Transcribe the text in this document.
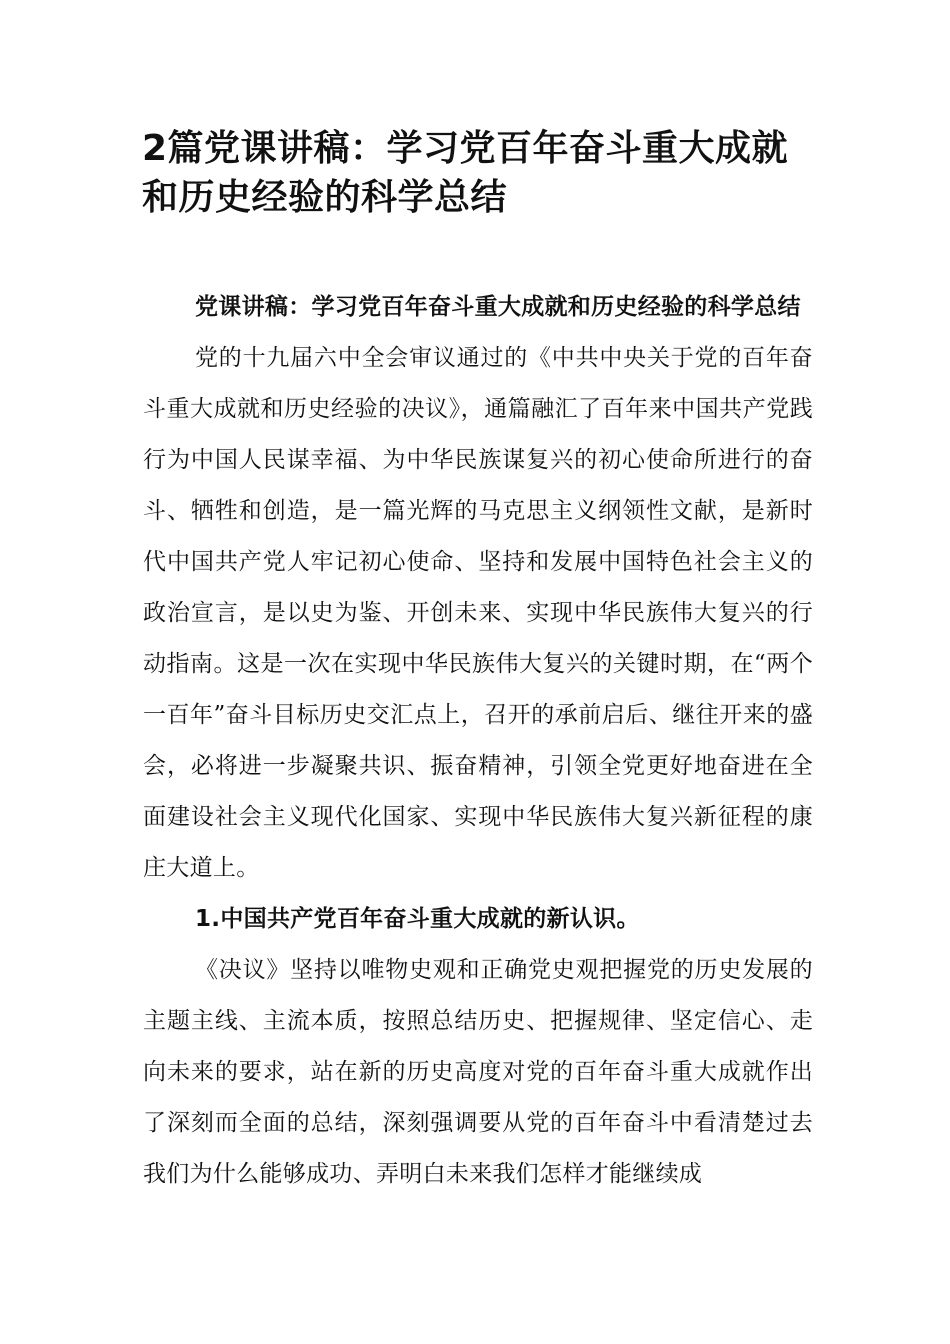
2篇党课讲稿：学习党百年奋斗重大成就和历史经验的科学总结

党课讲稿：学习党百年奋斗重大成就和历史经验的科学总结

党的十九届六中全会审议通过的《中共中央关于党的百年奋斗重大成就和历史经验的决议》，通篇融汇了百年来中国共产党践行为中国人民谋幸福、为中华民族谋复兴的初心使命所进行的奋斗、牺牲和创造，是一篇光辉的马克思主义纲领性文献，是新时代中国共产党人牢记初心使命、坚持和发展中国特色社会主义的政治宣言，是以史为鉴、开创未来、实现中华民族伟大复兴的行动指南。这是一次在实现中华民族伟大复兴的关键时期，在“两个一百年”奋斗目标历史交汇点上，召开的承前启后、继往开来的盛会，必将进一步凝聚共识、振奋精神，引领全党更好地奋进在全面建设社会主义现代化国家、实现中华民族伟大复兴新征程的康庄大道上。

1.中国共产党百年奋斗重大成就的新认识。

《决议》坚持以唯物史观和正确党史观把握党的历史发展的主题主线、主流本质，按照总结历史、把握规律、坚定信心、走向未来的要求，站在新的历史高度对党的百年奋斗重大成就作出了深刻而全面的总结，深刻强调要从党的百年奋斗中看清楚过去我们为什么能够成功、弄明白未来我们怎样才能继续成
